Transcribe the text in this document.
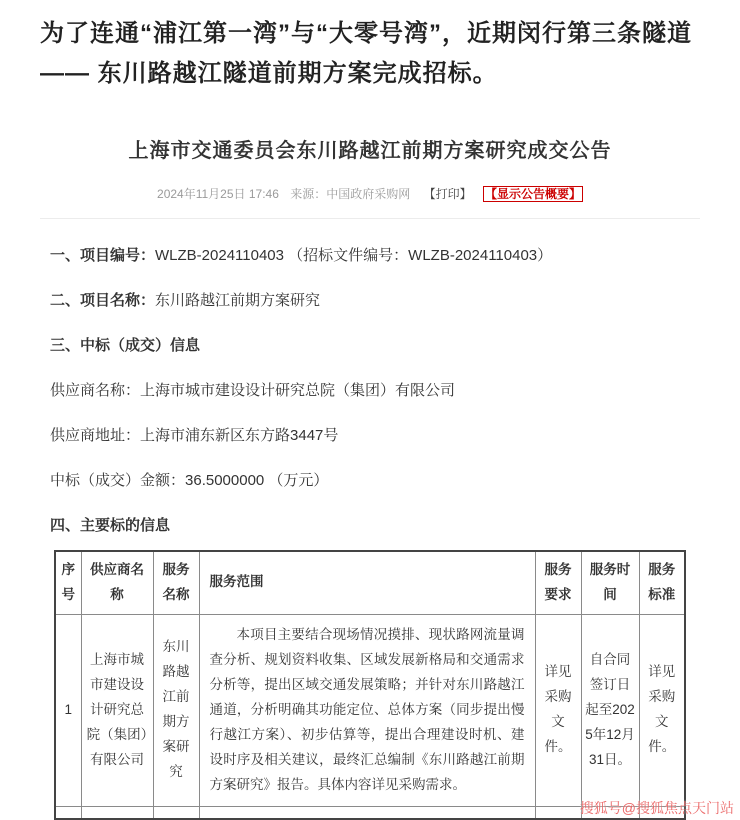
为了连通“浦江第一湾”与“大零号湾”，近期闵行第三条隧道 —— 东川路越江隧道前期方案完成招标。

上海市交通委员会东川路越江前期方案研究成交公告
2024年11月25日 17:46 来源：中国政府采购网 【打印】 【显示公告概要】

一、项目编号：WLZB-2024110403 （招标文件编号：WLZB-2024110403）

二、项目名称：东川路越江前期方案研究

三、中标（成交）信息

供应商名称：上海市城市建设设计研究总院（集团）有限公司

供应商地址：上海市浦东新区东方路3447号

中标（成交）金额：36.5000000 （万元）

四、主要标的信息

序号	供应商名称	服务名称	服务范围	服务要求	服务时间	服务标准
1	上海市城市建设设计研究总院（集团）有限公司	东川路越江前期方案研究	本项目主要结合现场情况摸排、现状路网流量调查分析、规划资料收集、区域发展新格局和交通需求分析等，提出区域交通发展策略；并针对东川路越江通道，分析明确其功能定位、总体方案（同步提出慢行越江方案）、初步估算等，提出合理建设时机、建设时序及相关建议，最终汇总编制《东川路越江前期方案研究》报告。具体内容详见采购需求。	详见采购文件。	自合同签订日起至2025年12月31日。	详见采购文件。

搜狐号@搜狐焦点天门站
